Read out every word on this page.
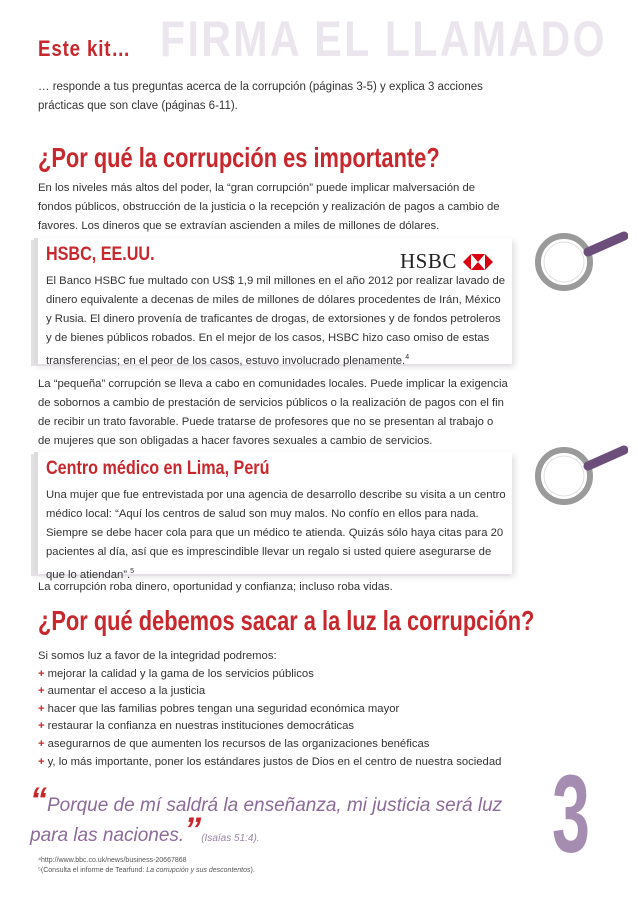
FIRMA EL LLAMADO
Este kit…
… responde a tus preguntas acerca de la corrupción (páginas 3-5) y explica 3 acciones prácticas que son clave (páginas 6-11).
¿Por qué la corrupción es importante?
En los niveles más altos del poder, la “gran corrupción” puede implicar malversación de fondos públicos, obstrucción de la justicia o la recepción y realización de pagos a cambio de favores. Los dineros que se extravían ascienden a miles de millones de dólares.
HSBC, EE.UU.
El Banco HSBC fue multado con US$ 1,9 mil millones en el año 2012 por realizar lavado de dinero equivalente a decenas de miles de millones de dólares procedentes de Irán, México y Rusia. El dinero provenía de traficantes de drogas, de extorsiones y de fondos petroleros y de bienes públicos robados. En el mejor de los casos, HSBC hizo caso omiso de estas transferencias; en el peor de los casos, estuvo involucrado plenamente.$^4$
HSBC
La “pequeña” corrupción se lleva a cabo en comunidades locales. Puede implicar la exigencia de sobornos a cambio de prestación de servicios públicos o la realización de pagos con el fin de recibir un trato favorable. Puede tratarse de profesores que no se presentan al trabajo o de mujeres que son obligadas a hacer favores sexuales a cambio de servicios.
Centro médico en Lima, Perú
Una mujer que fue entrevistada por una agencia de desarrollo describe su visita a un centro médico local: “Aquí los centros de salud son muy malos. No confío en ellos para nada. Siempre se debe hacer cola para que un médico te atienda. Quizás sólo haya citas para 20 pacientes al día, así que es imprescindible llevar un regalo si usted quiere asegurarse de que lo atiendan”.$^5$
La corrupción roba dinero, oportunidad y confianza; incluso roba vidas.
¿Por qué debemos sacar a la luz la corrupción?
Si somos luz a favor de la integridad podremos:
+ mejorar la calidad y la gama de los servicios públicos
+ aumentar el acceso a la justicia
+ hacer que las familias pobres tengan una seguridad económica mayor
+ restaurar la confianza en nuestras instituciones democráticas
+ asegurarnos de que aumenten los recursos de las organizaciones benéficas
+ y, lo más importante, poner los estándares justos de Dios en el centro de nuestra sociedad
“Porque de mí saldrá la enseñanza, mi justicia será luz para las naciones.”(Isaías 51:4).
⁴http://www.bbc.co.uk/news/business-20667868
⁵(Consulta el informe de Tearfund: La corrupción y sus descontentos).	3
